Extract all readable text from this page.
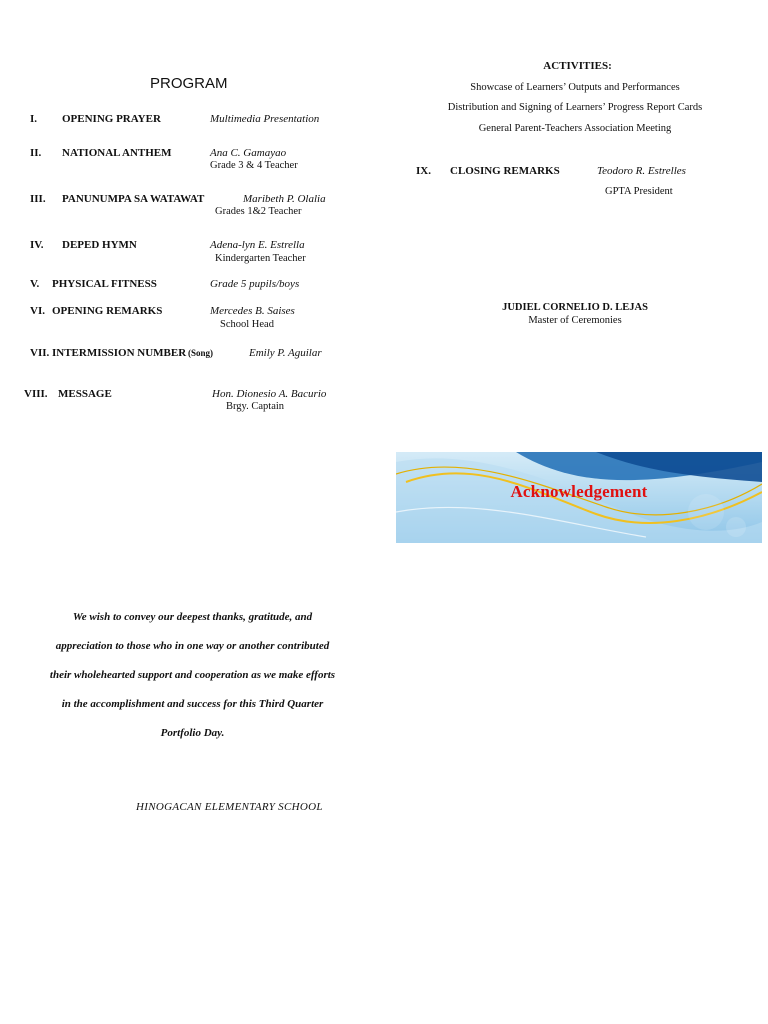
PROGRAM
I. OPENING PRAYER	Multimedia Presentation
II. NATIONAL ANTHEM	Ana C. Gamayao
Grade 3 & 4 Teacher
III. PANUNUMPA SA WATAWAT	Maribeth P. Olalia
Grades 1&2 Teacher
IV. DEPED HYMN	Adena-lyn E. Estrella
Kindergarten Teacher
V. PHYSICAL FITNESS	Grade 5 pupils/boys
VI. OPENING REMARKS	Mercedes B. Saises
School Head
VII. INTERMISSION NUMBER (Song)	Emily P. Aguilar
VIII. MESSAGE	Hon. Dionesio A. Bacurio
Brgy. Captain
ACTIVITIES:
Showcase of Learners’ Outputs and Performances
Distribution and Signing of Learners’ Progress Report Cards
General Parent-Teachers Association Meeting
IX. CLOSING REMARKS	Teodoro R. Estrelles
GPTA President
JUDIEL CORNELIO D. LEJAS
Master of Ceremonies
Acknowledgement
We wish to convey our deepest thanks, gratitude, and
appreciation to those who in one way or another contributed
their wholehearted support and cooperation as we make efforts
in the accomplishment and success for this Third Quarter
Portfolio Day.
HINOGACAN ELEMENTARY SCHOOL
